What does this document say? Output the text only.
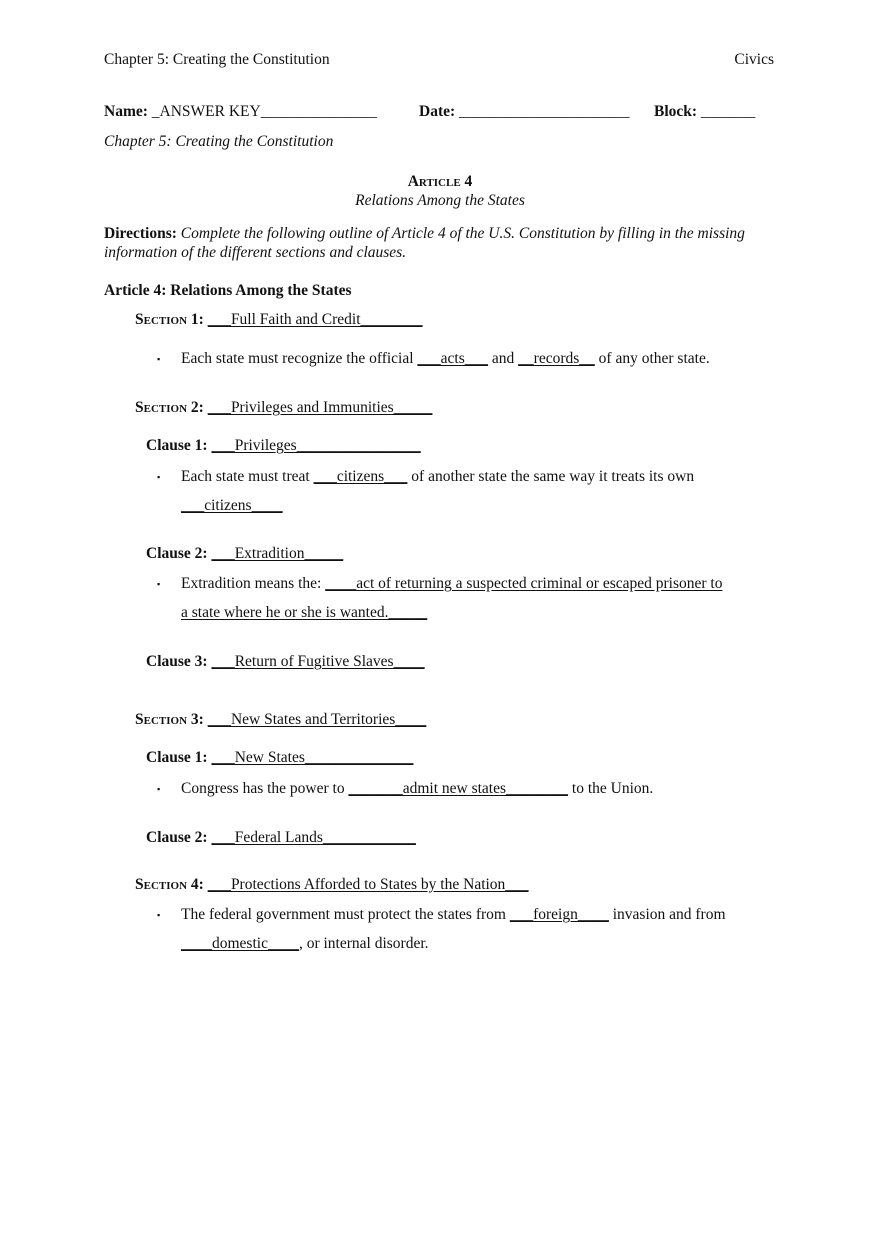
Chapter 5: Creating the Constitution	Civics
Name: _ANSWER KEY_______________	Date: ______________________ Block: _______
Chapter 5: Creating the Constitution
Article 4
Relations Among the States
Directions: Complete the following outline of Article 4 of the U.S. Constitution by filling in the missing
information of the different sections and clauses.
Article 4: Relations Among the States
Section 1: ___Full Faith and Credit________
▪ Each state must recognize the official ___acts___ and __records__ of any other state.
Section 2: ___Privileges and Immunities_____
Clause 1: ___Privileges________________
▪ Each state must treat ___citizens___ of another state the same way it treats its own
___citizens____
Clause 2: ___Extradition_____
▪ Extradition means the: ____act of returning a suspected criminal or escaped prisoner to
a state where he or she is wanted._____
Clause 3: ___Return of Fugitive Slaves____
Section 3: ___New States and Territories____
Clause 1: ___New States______________
▪ Congress has the power to _______admit new states________ to the Union.
Clause 2: ___Federal Lands____________
Section 4: ___Protections Afforded to States by the Nation___
▪ The federal government must protect the states from ___foreign____ invasion and from
____domestic____, or internal disorder.
